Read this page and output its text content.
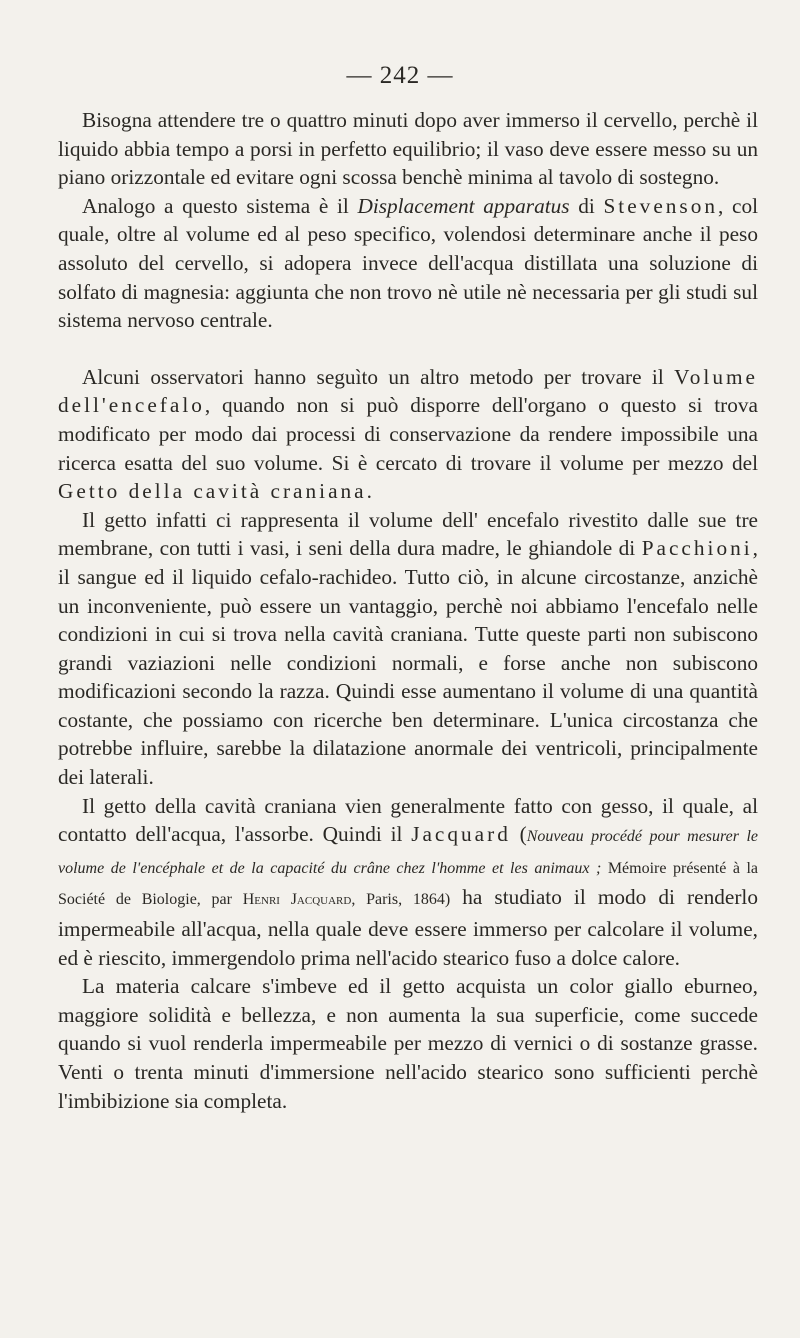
— 242 —

Bisogna attendere tre o quattro minuti dopo aver immerso il cervello, perchè il liquido abbia tempo a porsi in perfetto equilibrio; il vaso deve essere messo su un piano orizzontale ed evitare ogni scossa benchè minima al tavolo di sostegno.

Analogo a questo sistema è il Displacement apparatus di Stevenson, col quale, oltre al volume ed al peso specifico, volendosi determinare anche il peso assoluto del cervello, si adopera invece dell'acqua distillata una soluzione di solfato di magnesia: aggiunta che non trovo nè utile nè necessaria per gli studi sul sistema nervoso centrale.

Alcuni osservatori hanno seguìto un altro metodo per trovare il Volume dell'encefalo, quando non si può disporre dell'organo o questo si trova modificato per modo dai processi di conservazione da rendere impossibile una ricerca esatta del suo volume. Si è cercato di trovare il volume per mezzo del Getto della cavità craniana.

Il getto infatti ci rappresenta il volume dell' encefalo rivestito dalle sue tre membrane, con tutti i vasi, i seni della dura madre, le ghiandole di Pacchioni, il sangue ed il liquido cefalo-rachideo. Tutto ciò, in alcune circostanze, anzichè un inconveniente, può essere un vantaggio, perchè noi abbiamo l'encefalo nelle condizioni in cui si trova nella cavità craniana. Tutte queste parti non subiscono grandi vaziazioni nelle condizioni normali, e forse anche non subiscono modificazioni secondo la razza. Quindi esse aumentano il volume di una quantità costante, che possiamo con ricerche ben determinare. L'unica circostanza che potrebbe influire, sarebbe la dilatazione anormale dei ventricoli, principalmente dei laterali.

Il getto della cavità craniana vien generalmente fatto con gesso, il quale, al contatto dell'acqua, l'assorbe. Quindi il Jacquard (Nouveau procédé pour mesurer le volume de l'encéphale et de la capacité du crâne chez l'homme et les animaux ; Mémoire présenté à la Société de Biologie, par Henri Jacquard, Paris, 1864) ha studiato il modo di renderlo impermeabile all'acqua, nella quale deve essere immerso per calcolare il volume, ed è riescito, immergendolo prima nell'acido stearico fuso a dolce calore.

La materia calcare s'imbeve ed il getto acquista un color giallo eburneo, maggiore solidità e bellezza, e non aumenta la sua superficie, come succede quando si vuol renderla impermeabile per mezzo di vernici o di sostanze grasse. Venti o trenta minuti d'immersione nell'acido stearico sono sufficienti perchè l'imbibizione sia completa.
